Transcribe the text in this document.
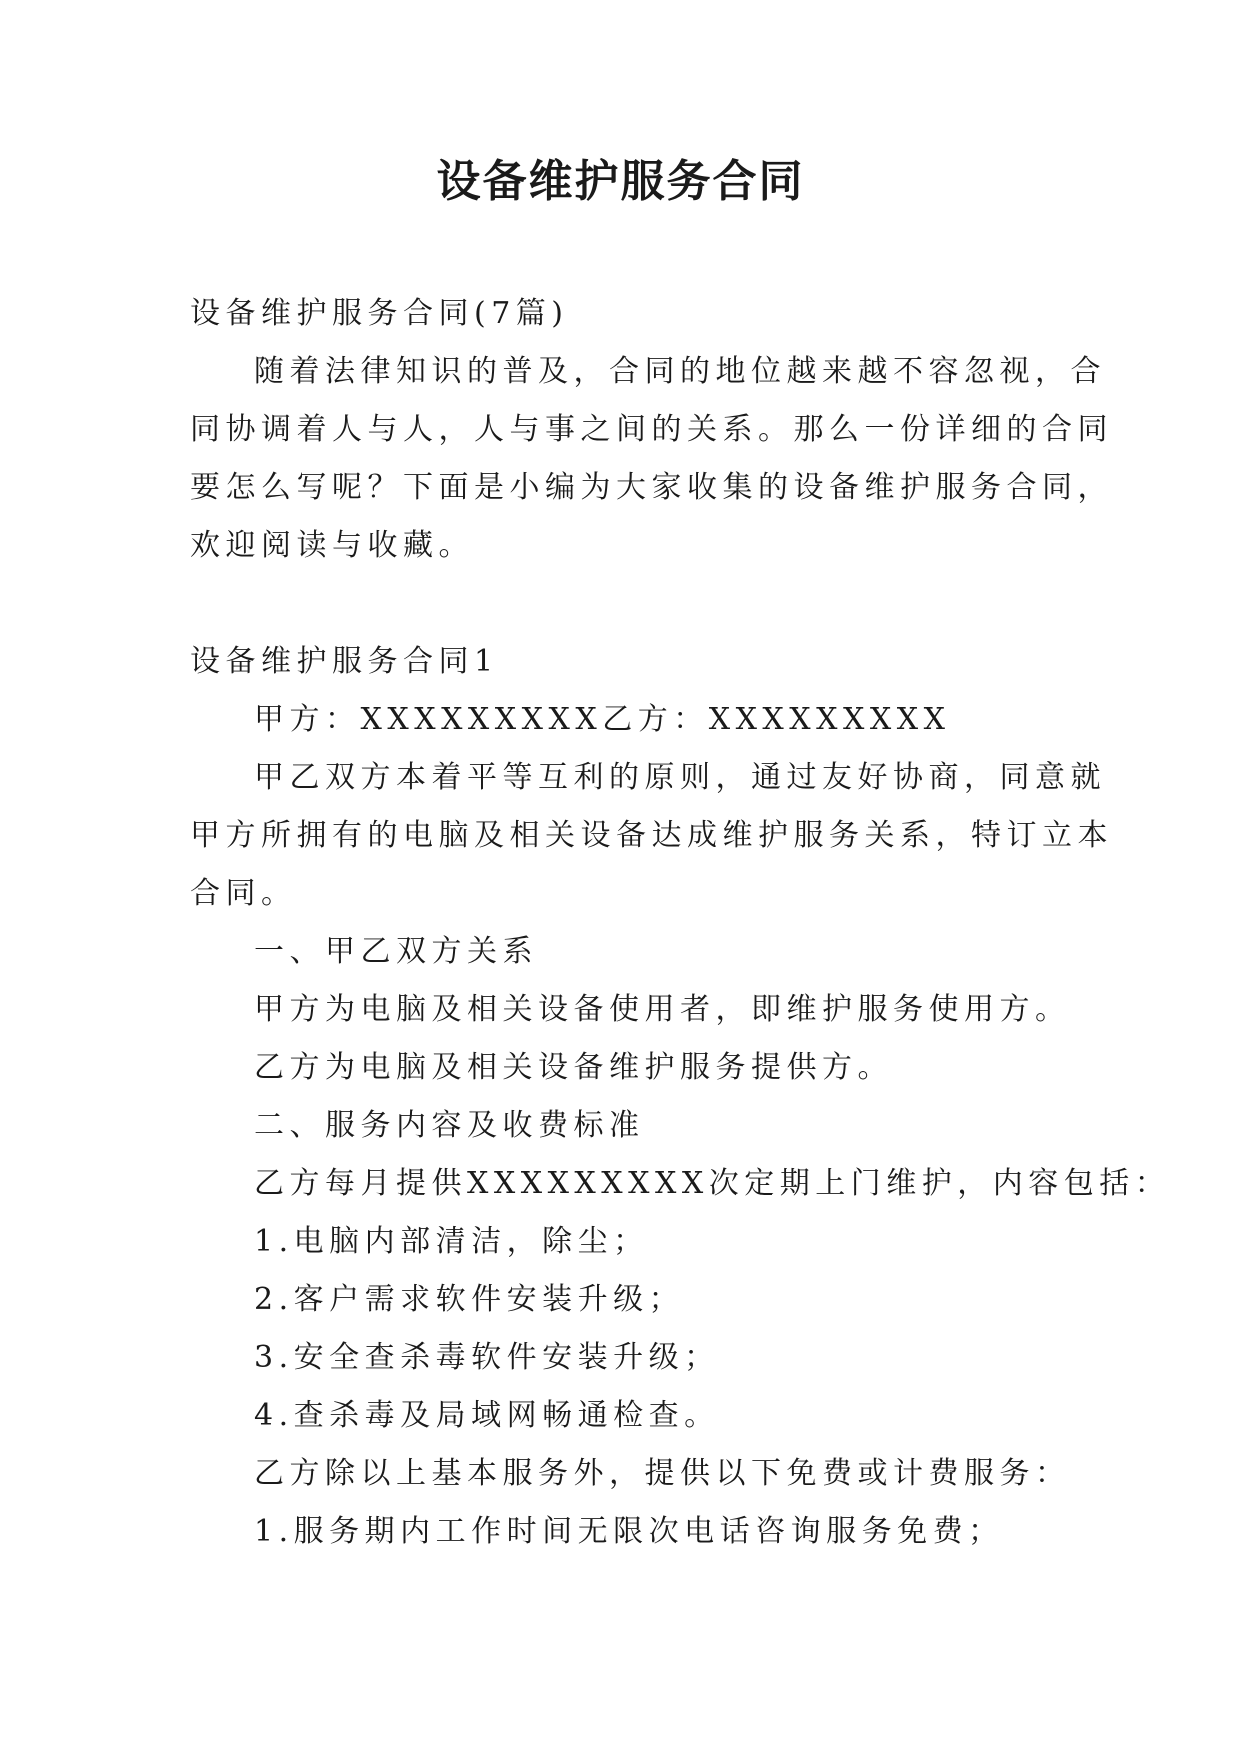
设备维护服务合同
设备维护服务合同(7篇)
随着法律知识的普及，合同的地位越来越不容忽视，合
同协调着人与人，人与事之间的关系。那么一份详细的合同
要怎么写呢？下面是小编为大家收集的设备维护服务合同，
欢迎阅读与收藏。
设备维护服务合同1
甲方：XXXXXXXXX乙方：XXXXXXXXX
甲乙双方本着平等互利的原则，通过友好协商，同意就
甲方所拥有的电脑及相关设备达成维护服务关系，特订立本
合同。
一、甲乙双方关系
甲方为电脑及相关设备使用者，即维护服务使用方。
乙方为电脑及相关设备维护服务提供方。
二、服务内容及收费标准
乙方每月提供XXXXXXXXX次定期上门维护，内容包括：
1.电脑内部清洁，除尘；
2.客户需求软件安装升级；
3.安全查杀毒软件安装升级；
4.查杀毒及局域网畅通检查。
乙方除以上基本服务外，提供以下免费或计费服务：
1.服务期内工作时间无限次电话咨询服务免费；
